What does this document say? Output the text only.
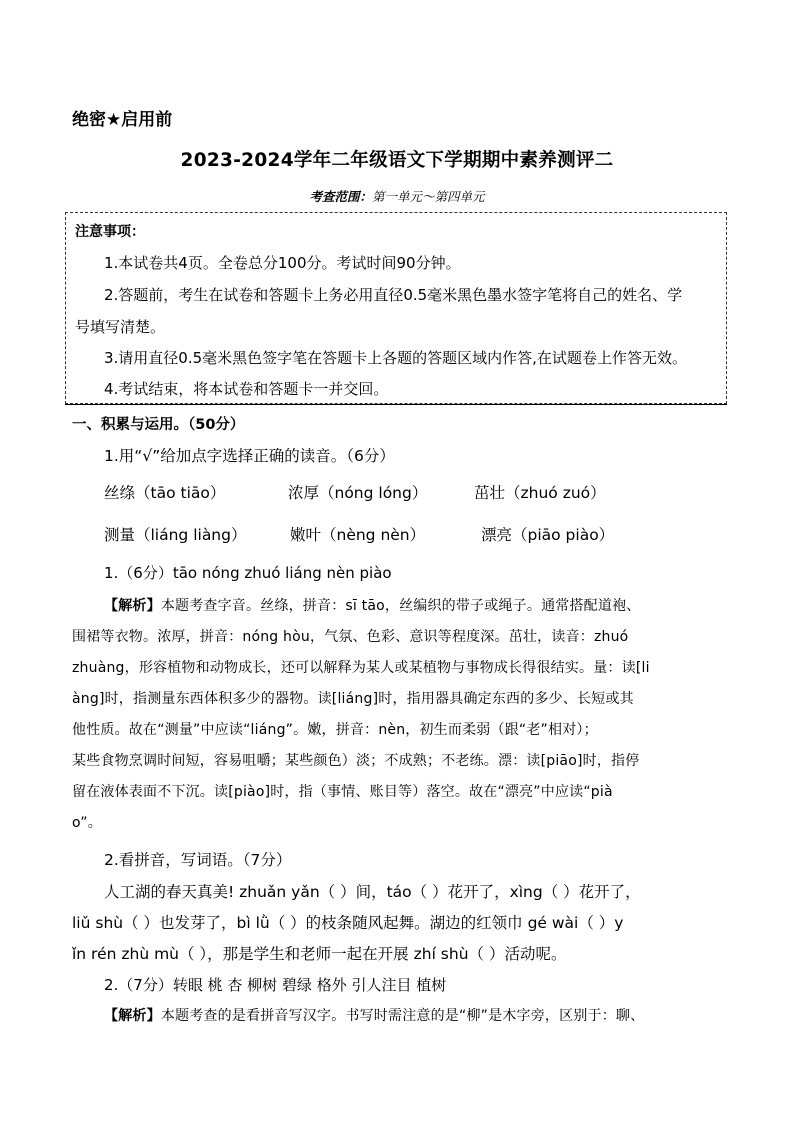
绝密★启用前
2023-2024学年二年级语文下学期期中素养测评二
考查范围：第一单元～第四单元
注意事项：
1.本试卷共4页。全卷总分100分。考试时间90分钟。
2.答题前，考生在试卷和答题卡上务必用直径0.5毫米黑色墨水签字笔将自己的姓名、学
号填写清楚。
3.请用直径0.5毫米黑色签字笔在答题卡上各题的答题区域内作答,在试题卷上作答无效。
4.考试结束，将本试卷和答题卡一并交回。
一、积累与运用。（50分）
1.用“√”给加点字选择正确的读音。（6分）
丝绦（tāo tiāo）	浓厚（nóng lóng）	茁壮（zhuó zuó）
测量（liáng liàng）	嫩叶（nèng nèn）	漂亮（piāo piào）
1.（6分）tāo nóng zhuó liáng nèn piào
【解析】本题考查字音。丝绦，拼音：sī tāo，丝编织的带子或绳子。通常搭配道袍、
围裙等衣物。浓厚，拼音：nóng hòu，气氛、色彩、意识等程度深。茁壮，读音：zhuó
zhuàng，形容植物和动物成长，还可以解释为某人或某植物与事物成长得很结实。量：读[li
àng]时，指测量东西体积多少的器物。读[liáng]时，指用器具确定东西的多少、长短或其
他性质。故在“测量”中应读“liáng”。嫩，拼音：nèn，初生而柔弱（跟“老”相对）；
某些食物烹调时间短，容易咀嚼；某些颜色）淡；不成熟；不老练。漂：读[piāo]时，指停
留在液体表面不下沉。读[piào]时，指（事情、账目等）落空。故在“漂亮”中应读“pià
o”。
2.看拼音，写词语。（7分）
人工湖的春天真美! zhuǎn yǎn（ ）间，táo（ ）花开了，xìng（ ）花开了，
liǔ shù（ ）也发芽了，bì lǜ（ ）的枝条随风起舞。湖边的红领巾 gé wài（ ）y
ǐn rén zhù mù（ ），那是学生和老师一起在开展 zhí shù（ ）活动呢。
2.（7分）转眼 桃 杏 柳树 碧绿 格外 引人注目 植树
【解析】本题考查的是看拼音写汉字。书写时需注意的是“柳”是木字旁，区别于：聊、
